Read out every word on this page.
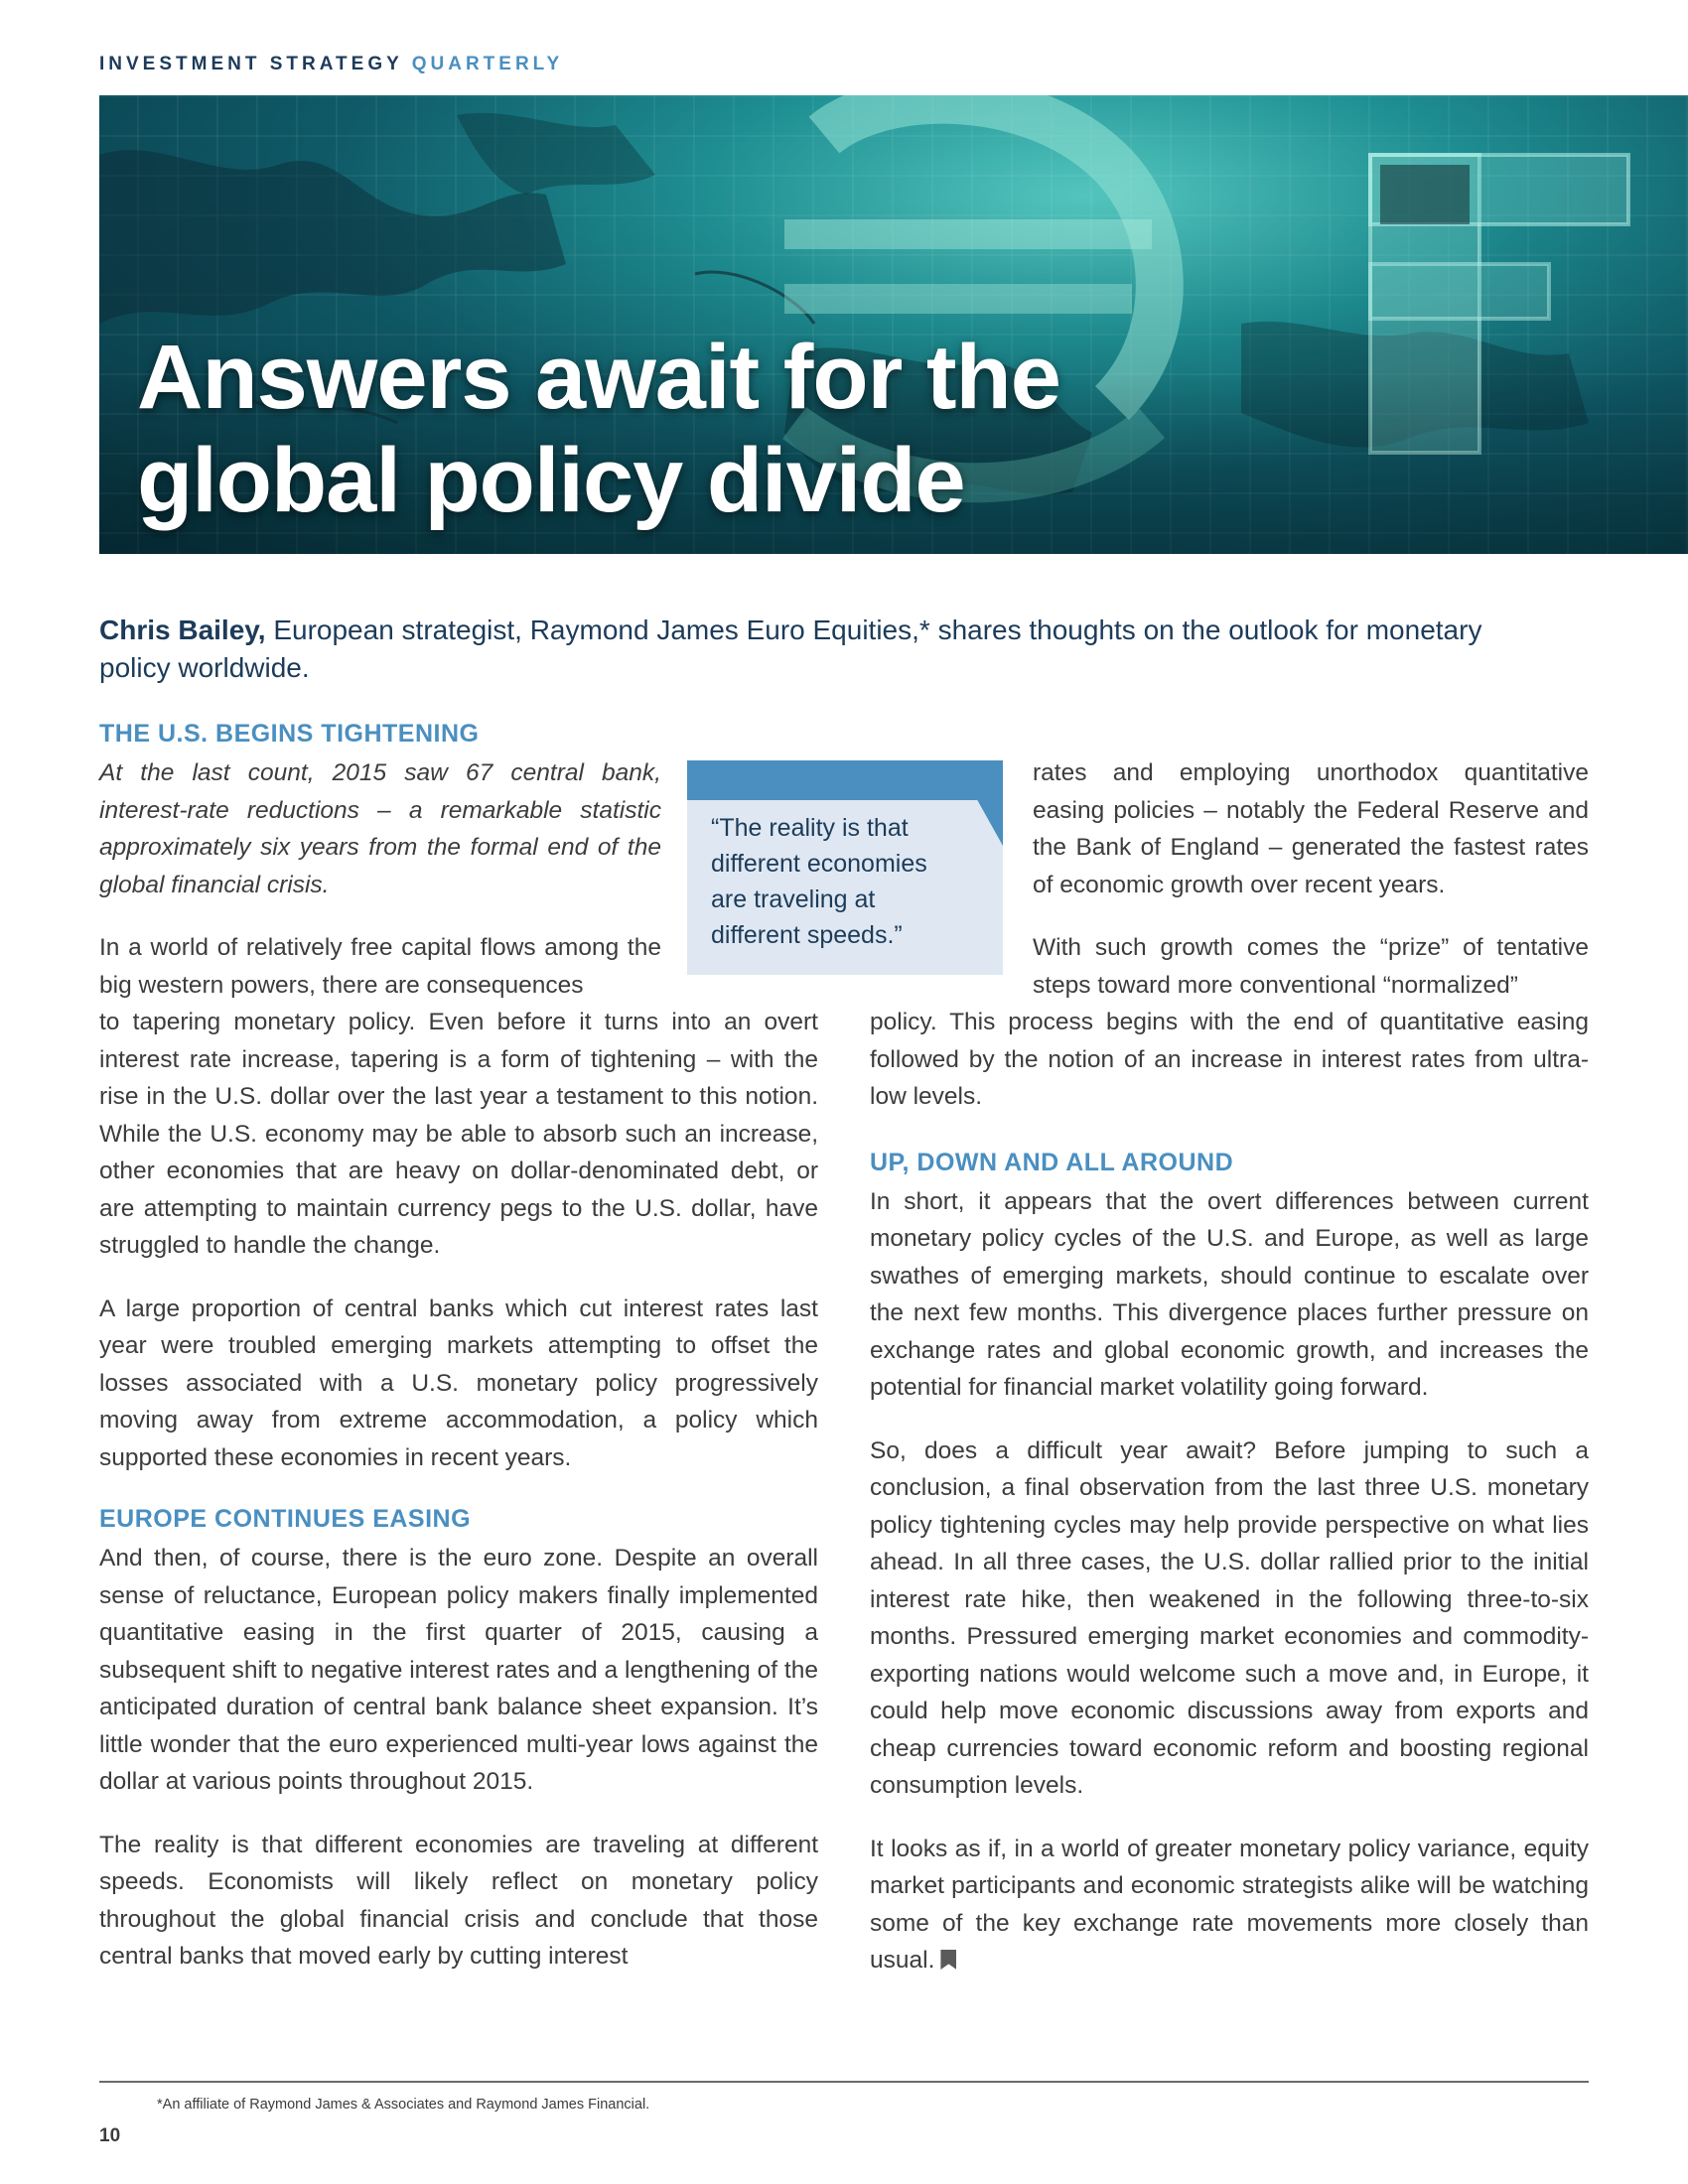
INVESTMENT STRATEGY QUARTERLY
Answers await for the
global policy divide

Chris Bailey, European strategist, Raymond James Euro Equities,* shares thoughts on the outlook for monetary policy worldwide.

THE U.S. BEGINS TIGHTENING

At the last count, 2015 saw 67 central bank, interest-rate reductions – a remarkable statistic approximately six years from the formal end of the global financial crisis.

In a world of relatively free capital flows among the big western powers, there are consequences

to tapering monetary policy. Even before it turns into an overt interest rate increase, tapering is a form of tightening – with the rise in the U.S. dollar over the last year a testament to this notion. While the U.S. economy may be able to absorb such an increase, other economies that are heavy on dollar-denominated debt, or are attempting to maintain currency pegs to the U.S. dollar, have struggled to handle the change.

A large proportion of central banks which cut interest rates last year were troubled emerging markets attempting to offset the losses associated with a U.S. monetary policy progressively moving away from extreme accommodation, a policy which supported these economies in recent years.

EUROPE CONTINUES EASING

And then, of course, there is the euro zone. Despite an overall sense of reluctance, European policy makers finally implemented quantitative easing in the first quarter of 2015, causing a subsequent shift to negative interest rates and a lengthening of the anticipated duration of central bank balance sheet expansion. It’s little wonder that the euro experienced multi-year lows against the dollar at various points throughout 2015.

The reality is that different economies are traveling at different speeds. Economists will likely reflect on monetary policy throughout the global financial crisis and conclude that those central banks that moved early by cutting interest

“The reality is that different economies are traveling at different speeds.”

rates and employing unorthodox quantitative easing policies – notably the Federal Reserve and the Bank of England – generated the fastest rates of economic growth over recent years.

With such growth comes the “prize” of tentative steps toward more conventional “normalized”

policy. This process begins with the end of quantitative easing followed by the notion of an increase in interest rates from ultra-low levels.

UP, DOWN AND ALL AROUND

In short, it appears that the overt differences between current monetary policy cycles of the U.S. and Europe, as well as large swathes of emerging markets, should continue to escalate over the next few months. This divergence places further pressure on exchange rates and global economic growth, and increases the potential for financial market volatility going forward.

So, does a difficult year await? Before jumping to such a conclusion, a final observation from the last three U.S. monetary policy tightening cycles may help provide perspective on what lies ahead. In all three cases, the U.S. dollar rallied prior to the initial interest rate hike, then weakened in the following three-to-six months. Pressured emerging market economies and commodity-exporting nations would welcome such a move and, in Europe, it could help move economic discussions away from exports and cheap currencies toward economic reform and boosting regional consumption levels.

It looks as if, in a world of greater monetary policy variance, equity market participants and economic strategists alike will be watching some of the key exchange rate movements more closely than usual.

*An affiliate of Raymond James & Associates and Raymond James Financial.

10
